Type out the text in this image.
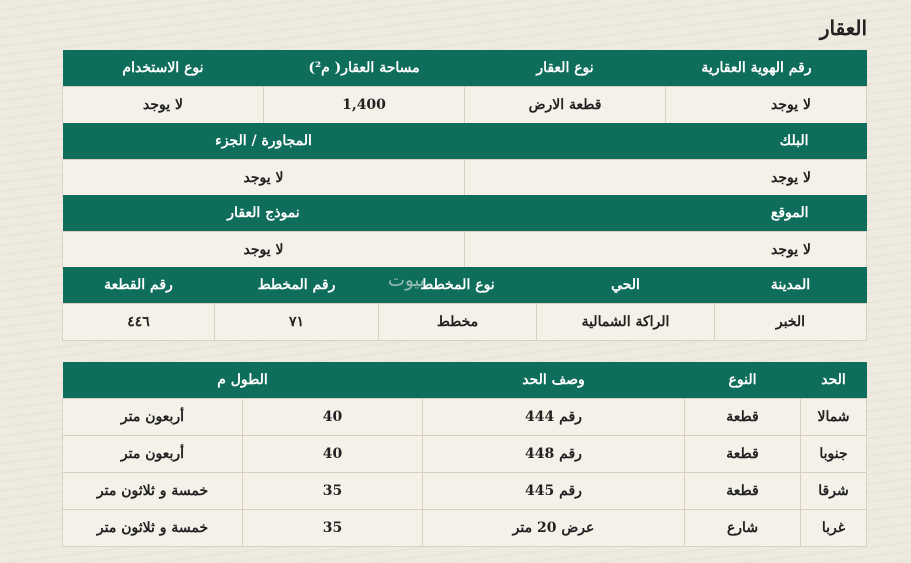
العقار
رقم الهوية العقارية	نوع العقار	مساحة العقار( م²)	نوع الاستخدام
لا يوجد	قطعة الارض	1,400	لا يوجد
البلك	المجاورة / الجزء
لا يوجد	لا يوجد
الموقع	نموذج العقار
لا يوجد	لا يوجد
المدينة	الحي	نوع المخطط	رقم المخطط	رقم القطعة
الخبر	الراكة الشمالية	مخطط	٧١	٤٤٦
بيوت
الحد	النوع	وصف الحد	الطول م	
شمالا	قطعة	رقم 444	40	أربعون متر
جنوبا	قطعة	رقم 448	40	أربعون متر
شرقا	قطعة	رقم 445	35	خمسة و ثلاثون متر
غربا	شارع	عرض 20 متر	35	خمسة و ثلاثون متر
